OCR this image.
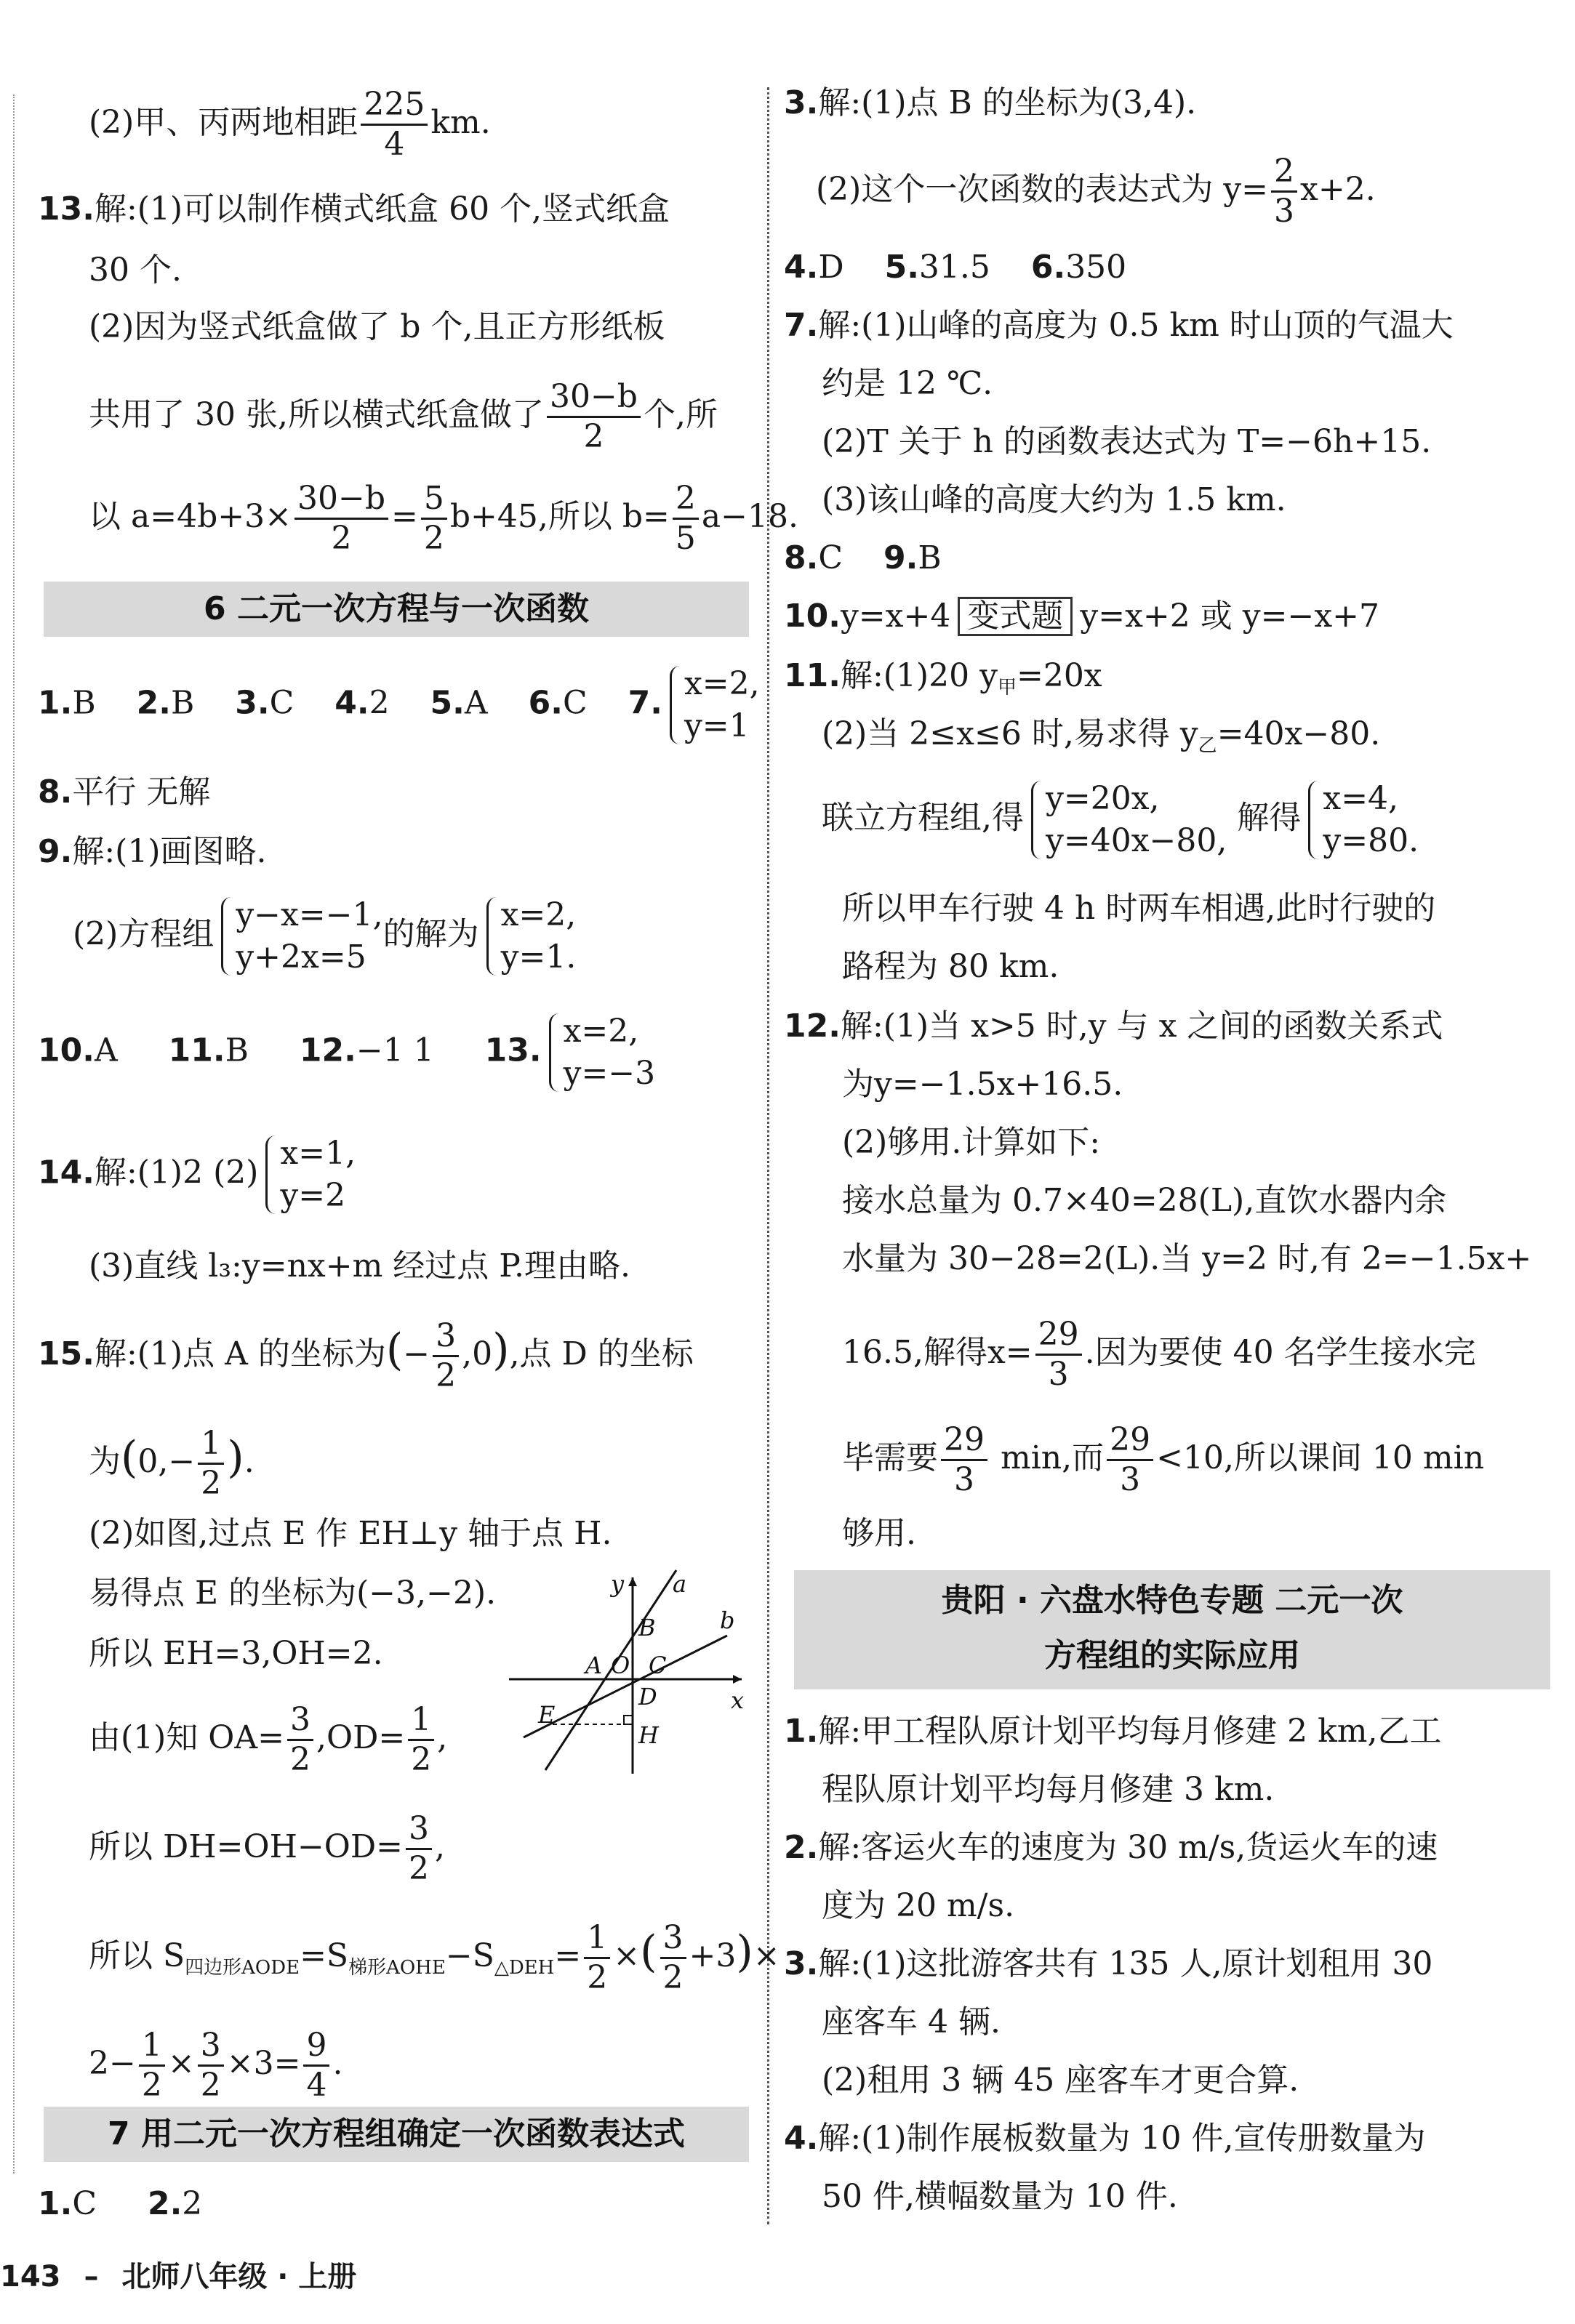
(2)甲、丙两地相距 $\frac{225}{4}$ km.
13.解:(1)可以制作横式纸盒 60 个,竖式纸盒
30 个.
(2)因为竖式纸盒做了 b 个,且正方形纸板
共用了 30 张,所以横式纸盒做了 $\frac{30-b}{2}$ 个,所
以 $a=4b+3\times \frac{30-b}{2} = \frac{5}{2} b+45$,所以 $b= \frac{2}{5} a-18$.
6 二元一次方程与一次函数
1.B 2.B 3.C 4.2 5.A 6.C 7.
x=2,
y=1
8.平行 无解
9.解:(1)画图略.
(2)方程组
y−x=−1,
y+2x=5
的解为
x=2,
y=1.
10.A 11.B 12.−1 1 13.
x=2,
y=−3
14.解:(1)2 (2)
x=1,
y=2
(3)直线 l₃:y=nx+m 经过点 P.理由略.
15.解:(1)点 A 的坐标为(− $\frac{3}{2} ,0$),点 D 的坐标
为($0,- \frac{1}{2}$ ).
(2)如图,过点 E 作 EH⊥y 轴于点 H.
易得点 E 的坐标为(−3,−2).
所以 EH=3,OH=2.
由(1)知 $OA= \frac{3}{2} ,OD= \frac{1}{2}$ ,
所以 $DH=OH-OD= \frac{3}{2}$ ,
所以 $S_{四边形AODE}=S_{梯形AOHE}-S_{\triangle DEH}= \frac{1}{2}$ ×( $\frac{3}{2} +3)\times$
$2- \frac{1}{2} \times \frac{3}{2} \times 3= \frac{9}{4}$ .
y a
B
A O C
b
x
D
E
H
7 用二元一次方程组确定一次函数表达式
1.C 2.2
3.解:(1)点 B 的坐标为(3,4).
(2)这个一次函数的表达式为 $y= \frac{2}{3} x+2$.
4.D 5.31.5 6.350
7.解:(1)山峰的高度为 0.5 km 时山顶的气温大
约是 12 ℃.
(2)T 关于 h 的函数表达式为 T=−6h+15.
(3)该山峰的高度大约为 1.5 km.
8.C 9.B
10.y=x+4 变式题 y=x+2 或 y=−x+7
11.解:(1)20 $y_甲=20x$
(2)当 2≤x≤6 时,易求得 $y_乙=40x-80$.
联立方程组,得
y=20x,
y=40x−80,
解得
x=4,
y=80.
所以甲车行驶 4 h 时两车相遇,此时行驶的
路程为 80 km.
12.解:(1)当 x>5 时,y 与 x 之间的函数关系式
为y=−1.5x+16.5.
(2)够用.计算如下:
接水总量为 0.7×40=28(L),直饮水器内余
水量为 30−28=2(L).当 y=2 时,有 2=−1.5x+
16.5,解得$x= \frac{29}{3}$ .因为要使 40 名学生接水完
毕需要 $\frac{29}{3} \min$,而 $\frac{29}{3} <10$,所以课间 10 min
够用.
贵阳 · 六盘水特色专题 二元一次
方程组的实际应用
1.解:甲工程队原计划平均每月修建 2 km,乙工
程队原计划平均每月修建 3 km.
2.解:客运火车的速度为 30 m/s,货运火车的速
度为 20 m/s.
3.解:(1)这批游客共有 135 人,原计划租用 30
座客车 4 辆.
(2)租用 3 辆 45 座客车才更合算.
4.解:(1)制作展板数量为 10 件,宣传册数量为
50 件,横幅数量为 10 件.
143 – 北师八年级 · 上册
